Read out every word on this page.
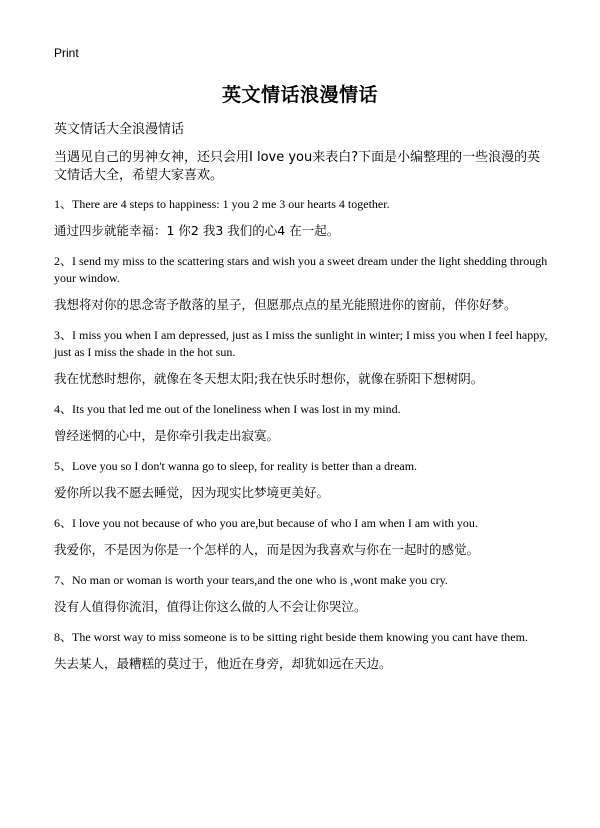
Print
英文情话浪漫情话
英文情话大全浪漫情话
当遇见自己的男神女神，还只会用I love you来表白?下面是小编整理的一些浪漫的英文情话大全，希望大家喜欢。
1、There are 4 steps to happiness: 1 you 2 me 3 our hearts 4 together.
通过四步就能幸福：1 你2 我3 我们的心4 在一起。
2、I send my miss to the scattering stars and wish you a sweet dream under the light shedding through your window.
我想将对你的思念寄予散落的星子，但愿那点点的星光能照进你的窗前，伴你好梦。
3、I miss you when I am depressed, just as I miss the sunlight in winter; I miss you when I feel happy, just as I miss the shade in the hot sun.
我在忧愁时想你，就像在冬天想太阳;我在快乐时想你，就像在骄阳下想树阴。
4、Its you that led me out of the loneliness when I was lost in my mind.
曾经迷惘的心中，是你牵引我走出寂寞。
5、Love you so I don't wanna go to sleep, for reality is better than a dream.
爱你所以我不愿去睡觉，因为现实比梦境更美好。
6、I love you not because of who you are,but because of who I am when I am with you.
我爱你，不是因为你是一个怎样的人，而是因为我喜欢与你在一起时的感觉。
7、No man or woman is worth your tears,and the one who is ,wont make you cry.
没有人值得你流泪，值得让你这么做的人不会让你哭泣。
8、The worst way to miss someone is to be sitting right beside them knowing you cant have them.
失去某人，最糟糕的莫过于，他近在身旁，却犹如远在天边。
